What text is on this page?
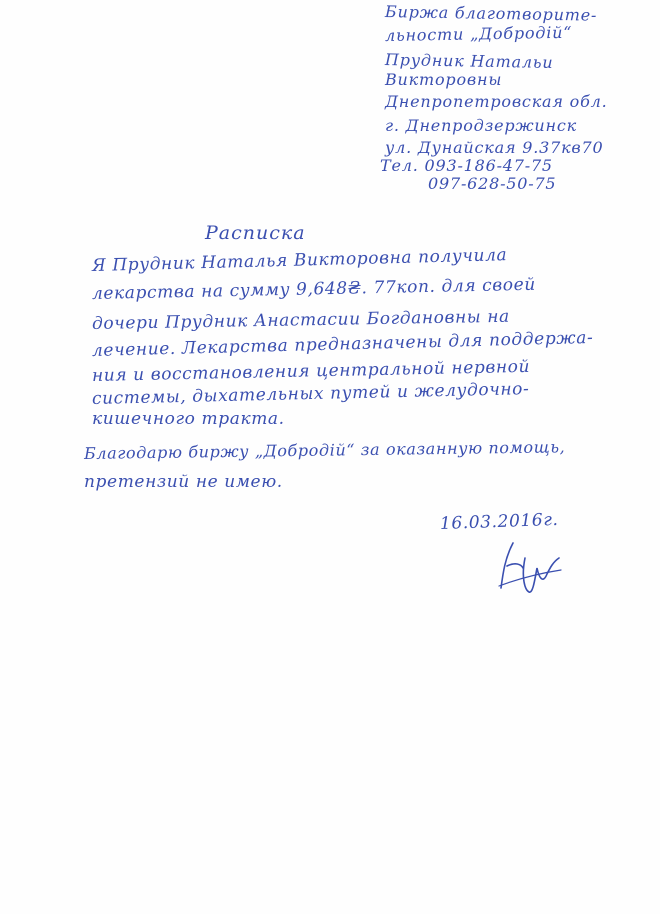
Биржа благотворите-
льности „Добродій“
Прудник Натальи
Викторовны
Днепропетровская обл.
г. Днепродзержинск
ул. Дунайская 9.37кв70
Тел. 093-186-47-75
097-628-50-75
Расписка
Я Прудник Наталья Викторовна получила
лекарства на сумму 9,648₴. 77коп. для своей
дочери Прудник Анастасии Богдановны на
лечение. Лекарства предназначены для поддержа-
ния и восстановления центральной нервной
системы, дыхательных путей и желудочно-
кишечного тракта.
Благодарю биржу „Добродій“ за оказанную помощь,
претензий не имею.
16.03.2016г.
